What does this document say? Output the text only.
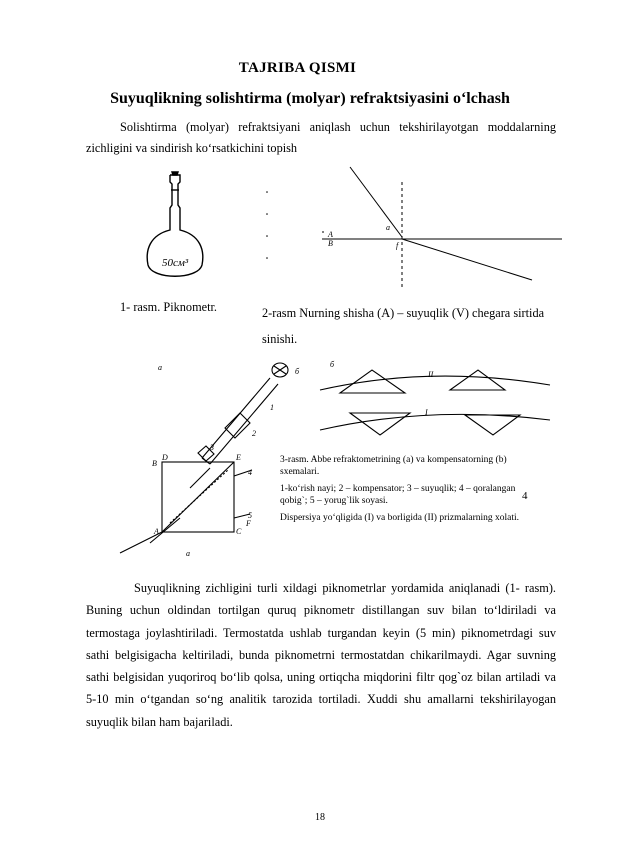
TAJRIBA QISMI
Suyuqlikning solishtirma (molyar) refraktsiyasini o‘lchash
Solishtirma (molyar) refraktsiyani aniqlash uchun tekshirilayotgan moddalarning zichligini va sindirish ko‘rsatkichini topish
50см³
A
B
a
f
1- rasm. Piknometr.	2-rasm Nurning shisha (A) – suyuqlik (V) chegara sirtida sinishi.
a	б
1
2
3
4
5
D	E
B
A	C
F
a
б
II
I

3-rasm. Abbe refraktometrining (a) va kompensatorning (b) sxemalari.

1-ko‘rish nayi; 2 – kompensator; 3 – suyuqlik; 4 – qoralangan qobig`; 5 – yorug`lik soyasi.

Dispersiya yo‘qligida (I) va borligida (II) prizmalarning xolati.

4
Suyuqlikning zichligini turli xildagi piknometrlar yordamida aniqlanadi (1- rasm). Buning uchun oldindan tortilgan quruq piknometr distillangan suv bilan to‘ldiriladi va termostaga joylashtiriladi. Termostatda ushlab turgandan keyin (5 min) piknometrdagi suv sathi belgisigacha keltiriladi, bunda piknometrni termostatdan chikarilmaydi. Agar suvning sathi belgisidan yuqoriroq bo‘lib qolsa, uning ortiqcha miqdorini filtr qog`oz bilan artiladi va 5-10 min o‘tgandan so‘ng analitik tarozida tortiladi. Xuddi shu amallarni tekshirilayogan suyuqlik bilan ham bajariladi.
18
